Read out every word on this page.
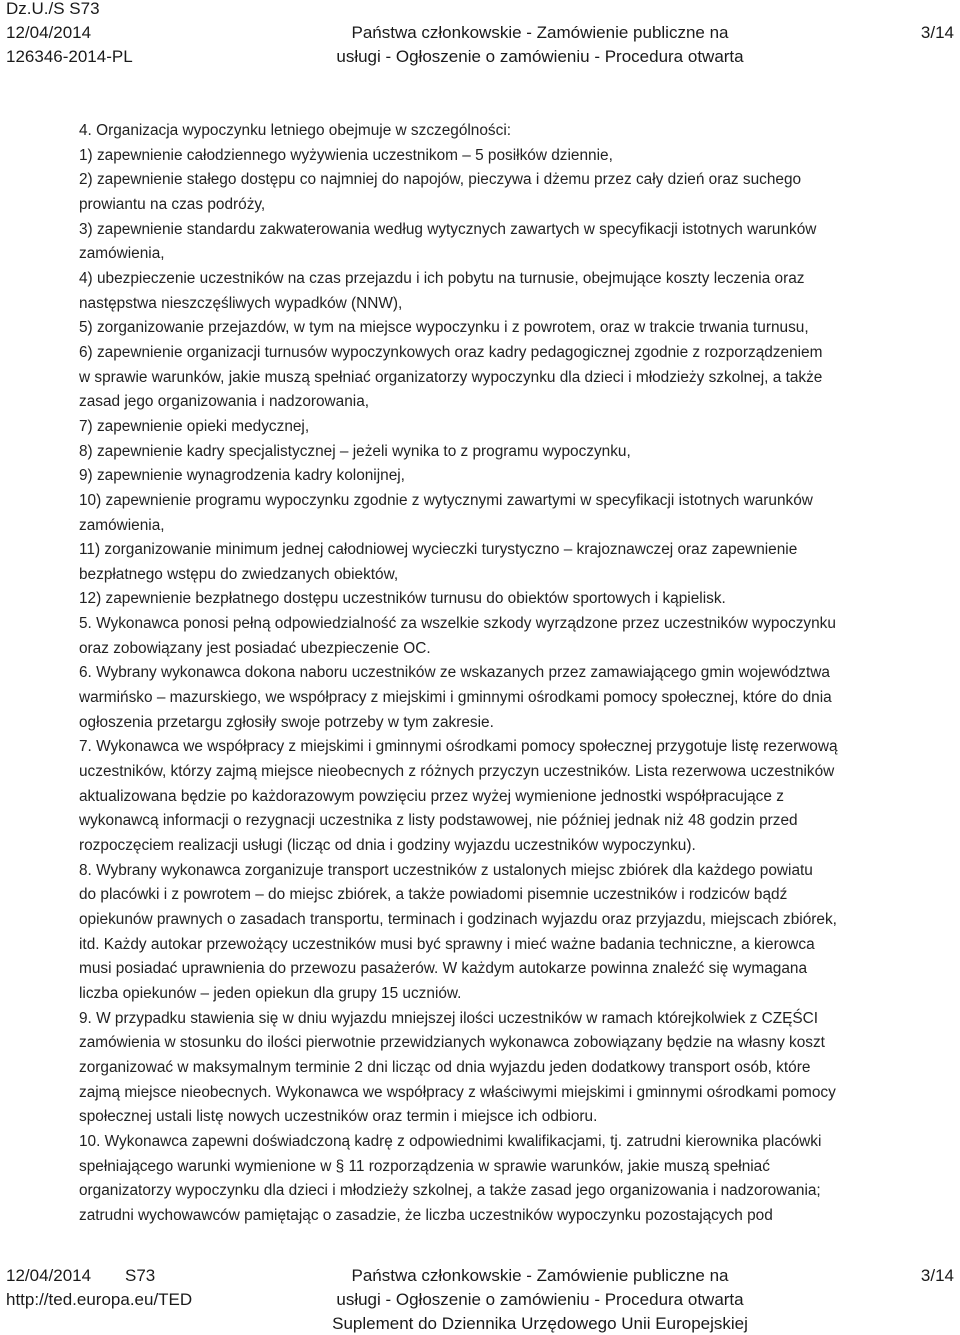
Dz.U./S S73
12/04/2014
126346-2014-PL
Państwa członkowskie - Zamówienie publiczne na
usługi - Ogłoszenie o zamówieniu - Procedura otwarta
3/14

4. Organizacja wypoczynku letniego obejmuje w szczególności:

1) zapewnienie całodziennego wyżywienia uczestnikom – 5 posiłków dziennie,

2) zapewnienie stałego dostępu co najmniej do napojów, pieczywa i dżemu przez cały dzień oraz suchego

prowiantu na czas podróży,

3) zapewnienie standardu zakwaterowania według wytycznych zawartych w specyfikacji istotnych warunków

zamówienia,

4) ubezpieczenie uczestników na czas przejazdu i ich pobytu na turnusie, obejmujące koszty leczenia oraz

następstwa nieszczęśliwych wypadków (NNW),

5) zorganizowanie przejazdów, w tym na miejsce wypoczynku i z powrotem, oraz w trakcie trwania turnusu,

6) zapewnienie organizacji turnusów wypoczynkowych oraz kadry pedagogicznej zgodnie z rozporządzeniem

w sprawie warunków, jakie muszą spełniać organizatorzy wypoczynku dla dzieci i młodzieży szkolnej, a także

zasad jego organizowania i nadzorowania,

7) zapewnienie opieki medycznej,

8) zapewnienie kadry specjalistycznej – jeżeli wynika to z programu wypoczynku,

9) zapewnienie wynagrodzenia kadry kolonijnej,

10) zapewnienie programu wypoczynku zgodnie z wytycznymi zawartymi w specyfikacji istotnych warunków

zamówienia,

11) zorganizowanie minimum jednej całodniowej wycieczki turystyczno – krajoznawczej oraz zapewnienie

bezpłatnego wstępu do zwiedzanych obiektów,

12) zapewnienie bezpłatnego dostępu uczestników turnusu do obiektów sportowych i kąpielisk.

5. Wykonawca ponosi pełną odpowiedzialność za wszelkie szkody wyrządzone przez uczestników wypoczynku

oraz zobowiązany jest posiadać ubezpieczenie OC.

6. Wybrany wykonawca dokona naboru uczestników ze wskazanych przez zamawiającego gmin województwa

warmińsko – mazurskiego, we współpracy z miejskimi i gminnymi ośrodkami pomocy społecznej, które do dnia

ogłoszenia przetargu zgłosiły swoje potrzeby w tym zakresie.

7. Wykonawca we współpracy z miejskimi i gminnymi ośrodkami pomocy społecznej przygotuje listę rezerwową

uczestników, którzy zajmą miejsce nieobecnych z różnych przyczyn uczestników. Lista rezerwowa uczestników

aktualizowana będzie po każdorazowym powzięciu przez wyżej wymienione jednostki współpracujące z

wykonawcą informacji o rezygnacji uczestnika z listy podstawowej, nie później jednak niż 48 godzin przed

rozpoczęciem realizacji usługi (licząc od dnia i godziny wyjazdu uczestników wypoczynku).

8. Wybrany wykonawca zorganizuje transport uczestników z ustalonych miejsc zbiórek dla każdego powiatu

do placówki i z powrotem – do miejsc zbiórek, a także powiadomi pisemnie uczestników i rodziców bądź

opiekunów prawnych o zasadach transportu, terminach i godzinach wyjazdu oraz przyjazdu, miejscach zbiórek,

itd. Każdy autokar przewożący uczestników musi być sprawny i mieć ważne badania techniczne, a kierowca

musi posiadać uprawnienia do przewozu pasażerów. W każdym autokarze powinna znaleźć się wymagana

liczba opiekunów – jeden opiekun dla grupy 15 uczniów.

9. W przypadku stawienia się w dniu wyjazdu mniejszej ilości uczestników w ramach którejkolwiek z CZĘŚCI

zamówienia w stosunku do ilości pierwotnie przewidzianych wykonawca zobowiązany będzie na własny koszt

zorganizować w maksymalnym terminie 2 dni licząc od dnia wyjazdu jeden dodatkowy transport osób, które

zajmą miejsce nieobecnych. Wykonawca we współpracy z właściwymi miejskimi i gminnymi ośrodkami pomocy

społecznej ustali listę nowych uczestników oraz termin i miejsce ich odbioru.

10. Wykonawca zapewni doświadczoną kadrę z odpowiednimi kwalifikacjami, tj. zatrudni kierownika placówki

spełniającego warunki wymienione w § 11 rozporządzenia w sprawie warunków, jakie muszą spełniać

organizatorzy wypoczynku dla dzieci i młodzieży szkolnej, a także zasad jego organizowania i nadzorowania;

zatrudni wychowawców pamiętając o zasadzie, że liczba uczestników wypoczynku pozostających pod

12/04/2014 S73
http://ted.europa.eu/TED
Państwa członkowskie - Zamówienie publiczne na
usługi - Ogłoszenie o zamówieniu - Procedura otwarta
Suplement do Dziennika Urzędowego Unii Europejskiej
3/14
